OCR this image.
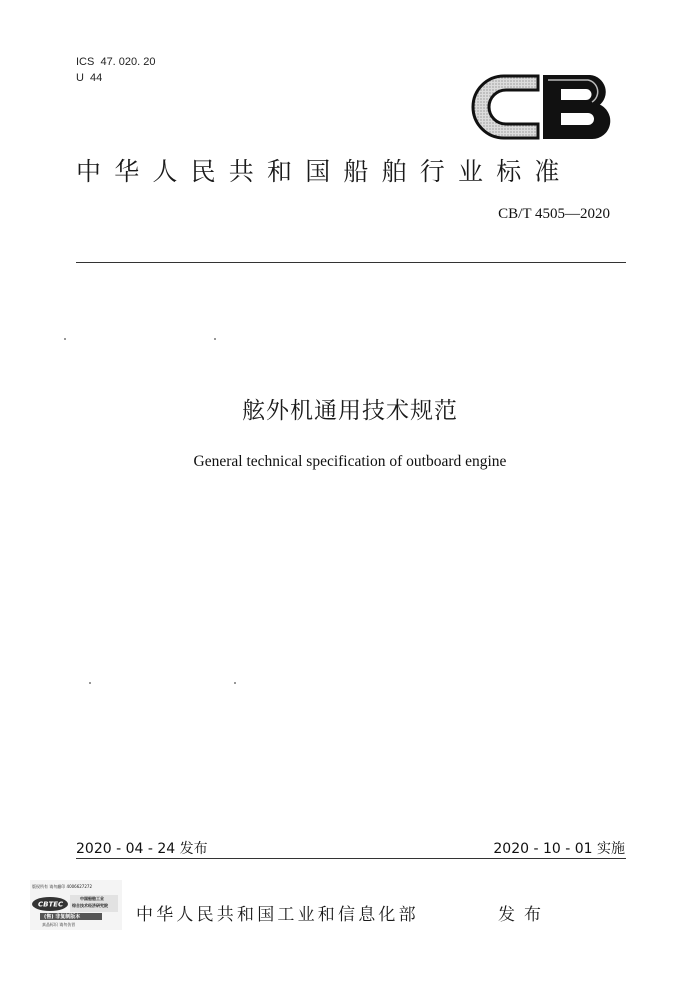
ICS  47. 020. 20
U  44
CB
中华人民共和国船舶行业标准
CB/T 4505—2020
舷外机通用技术规范
General technical specification of outboard engine
2020 - 04 - 24 发布	2020 - 10 - 01 实施
CBTEC
版权所有 请勿翻印 4006627272
中国船舶工业
综合技术经济研究院
(售) 非复制版本
真品标识 请勿仿冒	中华人民共和国工业和信息化部	发布
